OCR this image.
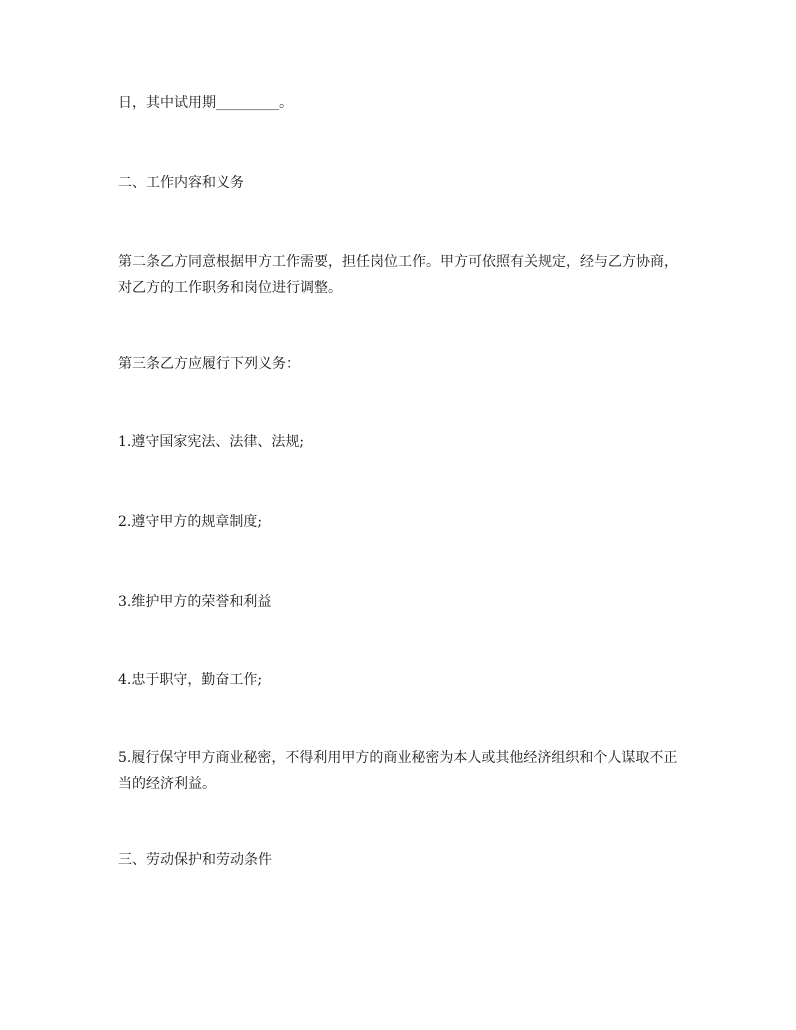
日，其中试用期_________。

二、工作内容和义务

第二条乙方同意根据甲方工作需要，担任岗位工作。甲方可依照有关规定，经与乙方协商，对乙方的工作职务和岗位进行调整。

第三条乙方应履行下列义务：

1.遵守国家宪法、法律、法规;

2.遵守甲方的规章制度;

3.维护甲方的荣誉和利益

4.忠于职守，勤奋工作;

5.履行保守甲方商业秘密，不得利用甲方的商业秘密为本人或其他经济组织和个人谋取不正当的经济利益。

三、劳动保护和劳动条件
